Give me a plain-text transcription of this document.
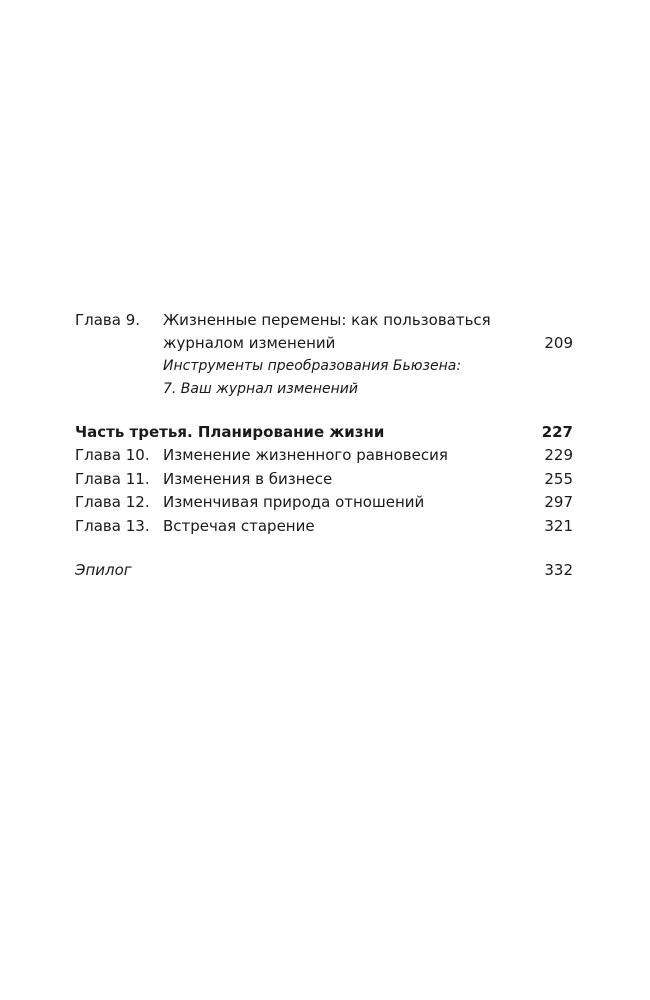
Глава 9.	Жизненные перемены: как пользоваться
журналом изменений	209
Инструменты преобразования Бьюзена:
7. Ваш журнал изменений
Часть третья. Планирование жизни	227
Глава 10. Изменение жизненного равновесия	229
Глава 11. Изменения в бизнесе	255
Глава 12. Изменчивая природа отношений	297
Глава 13. Встречая старение	321
Эпилог	332
